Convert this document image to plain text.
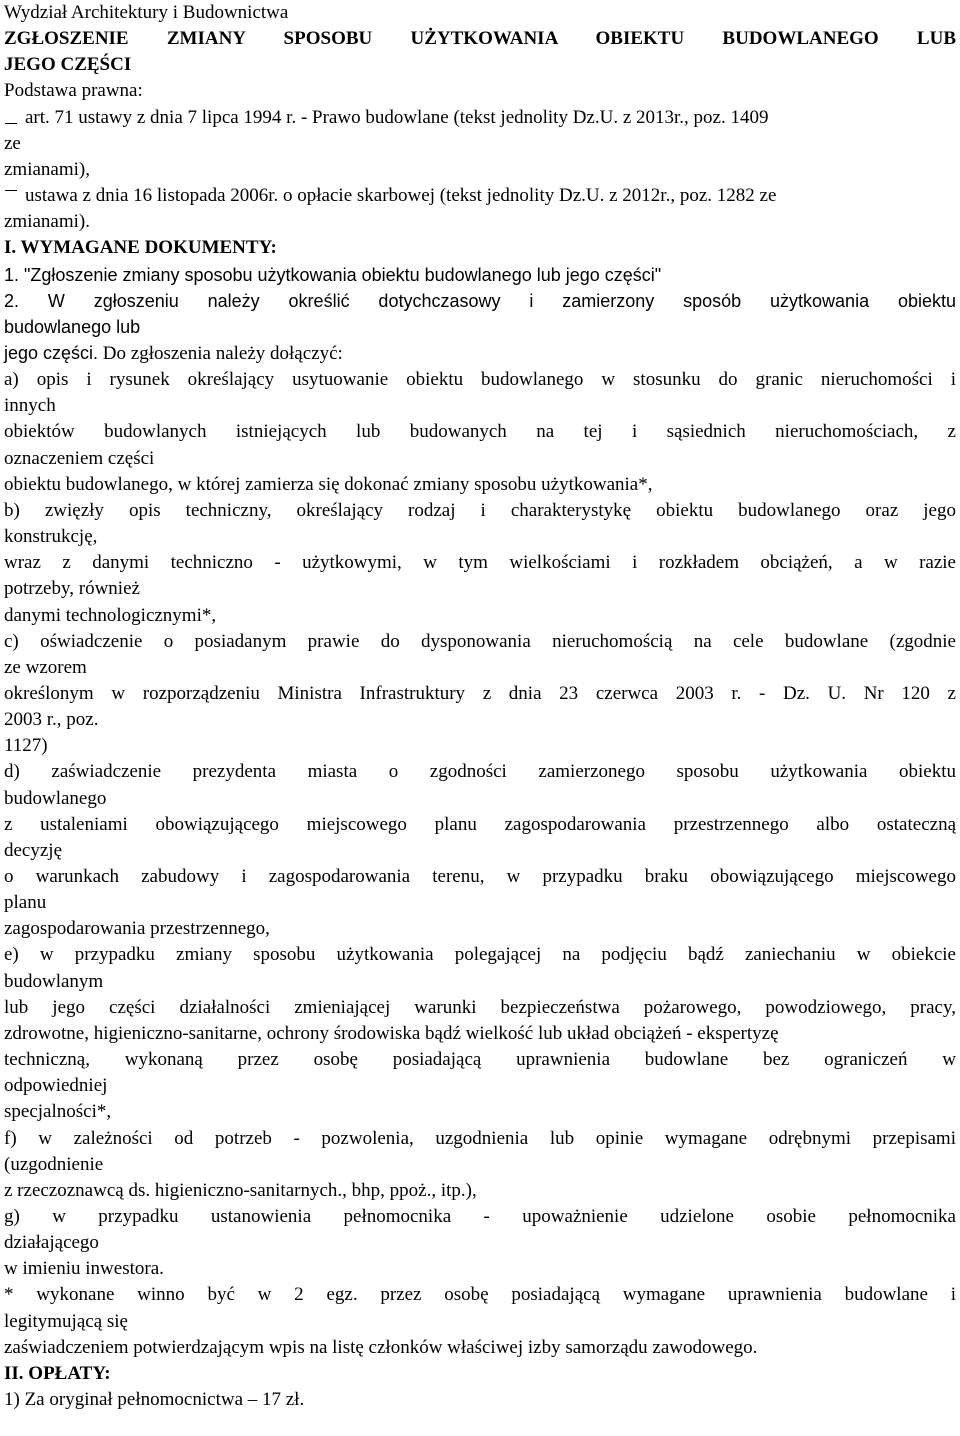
Wydział Architektury i Budownictwa
ZGŁOSZENIE ZMIANY SPOSOBU UŻYTKOWANIA OBIEKTU BUDOWLANEGO LUB
JEGO CZĘŚCI
Podstawa prawna:
art. 71 ustawy z dnia 7 lipca 1994 r. - Prawo budowlane (tekst jednolity Dz.U. z 2013r., poz. 1409
ze
zmianami),
ustawa z dnia 16 listopada 2006r. o opłacie skarbowej (tekst jednolity Dz.U. z 2012r., poz. 1282 ze
zmianami).
I. WYMAGANE DOKUMENTY:
1. "Zgłoszenie zmiany sposobu użytkowania obiektu budowlanego lub jego części"
2. W zgłoszeniu należy określić dotychczasowy i zamierzony sposób użytkowania obiektu
budowlanego lub
jego części. Do zgłoszenia należy dołączyć:
a) opis i rysunek określający usytuowanie obiektu budowlanego w stosunku do granic nieruchomości i
innych
obiektów budowlanych istniejących lub budowanych na tej i sąsiednich nieruchomościach, z
oznaczeniem części
obiektu budowlanego, w której zamierza się dokonać zmiany sposobu użytkowania*,
b) zwięzły opis techniczny, określający rodzaj i charakterystykę obiektu budowlanego oraz jego
konstrukcję,
wraz z danymi techniczno - użytkowymi, w tym wielkościami i rozkładem obciążeń, a w razie
potrzeby, również
danymi technologicznymi*,
c) oświadczenie o posiadanym prawie do dysponowania nieruchomością na cele budowlane (zgodnie
ze wzorem
określonym w rozporządzeniu Ministra Infrastruktury z dnia 23 czerwca 2003 r. - Dz. U. Nr 120 z
2003 r., poz.
1127)
d) zaświadczenie prezydenta miasta o zgodności zamierzonego sposobu użytkowania obiektu
budowlanego
z ustaleniami obowiązującego miejscowego planu zagospodarowania przestrzennego albo ostateczną
decyzję
o warunkach zabudowy i zagospodarowania terenu, w przypadku braku obowiązującego miejscowego
planu
zagospodarowania przestrzennego,
e) w przypadku zmiany sposobu użytkowania polegającej na podjęciu bądź zaniechaniu w obiekcie
budowlanym
lub jego części działalności zmieniającej warunki bezpieczeństwa pożarowego, powodziowego, pracy,
zdrowotne, higieniczno-sanitarne, ochrony środowiska bądź wielkość lub układ obciążeń - ekspertyzę
techniczną, wykonaną przez osobę posiadającą uprawnienia budowlane bez ograniczeń w
odpowiedniej
specjalności*,
f) w zależności od potrzeb - pozwolenia, uzgodnienia lub opinie wymagane odrębnymi przepisami
(uzgodnienie
z rzeczoznawcą ds. higieniczno-sanitarnych., bhp, ppoż., itp.),
g) w przypadku ustanowienia pełnomocnika - upoważnienie udzielone osobie pełnomocnika
działającego
w imieniu inwestora.
* wykonane winno być w 2 egz. przez osobę posiadającą wymagane uprawnienia budowlane i
legitymującą się
zaświadczeniem potwierdzającym wpis na listę członków właściwej izby samorządu zawodowego.
II. OPŁATY:
1) Za oryginał pełnomocnictwa – 17 zł.
